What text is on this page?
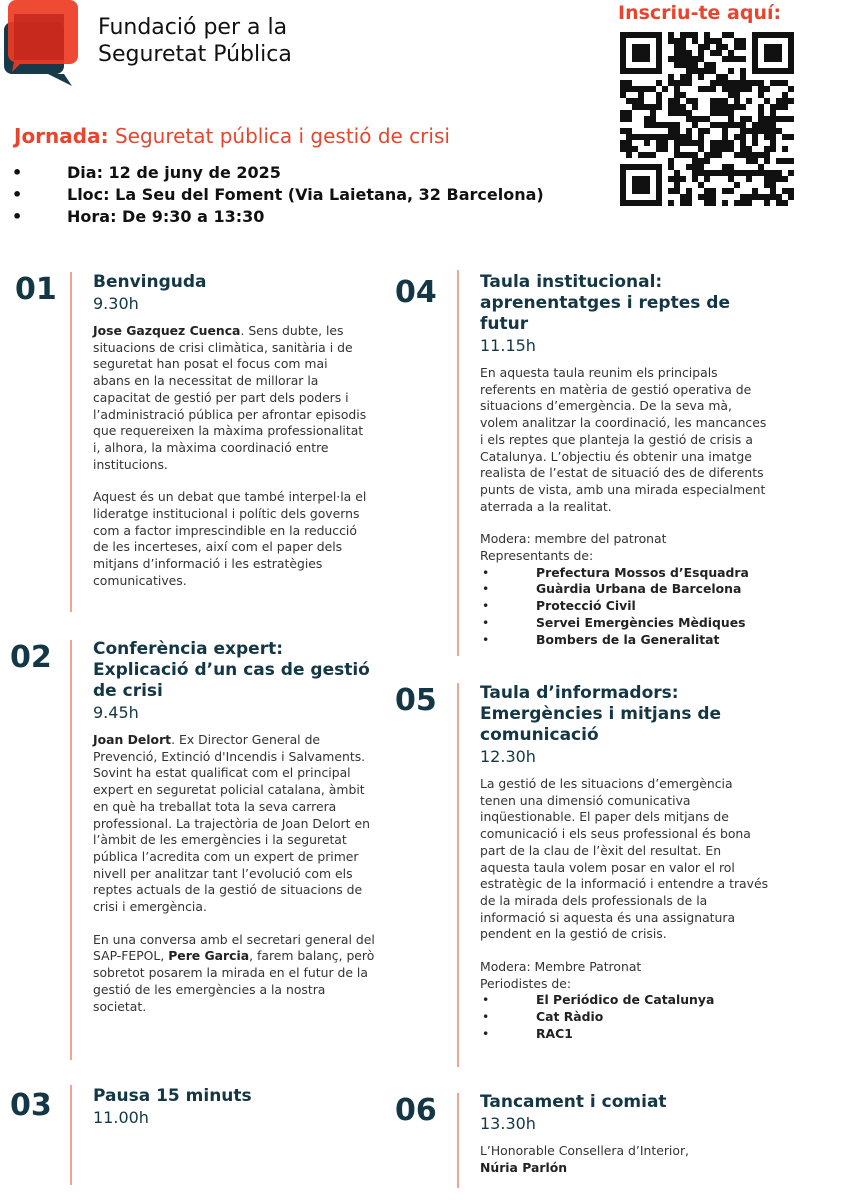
Fundació per a la
Seguretat Pública
Inscriu-te aquí:
Jornada: Seguretat pública i gestió de crisi
• Dia: 12 de juny de 2025
• Lloc: La Seu del Foment (Via Laietana, 32 Barcelona)
• Hora: De 9:30 a 13:30
01 Benvinguda
9.30h

Jose Gazquez Cuenca. Sens dubte, les situacions de crisi climàtica, sanitària i de seguretat han posat el focus com mai abans en la necessitat de millorar la capacitat de gestió per part dels poders i l’administració pública per afrontar episodis que requereixen la màxima professionalitat i, alhora, la màxima coordinació entre institucions.

Aquest és un debat que també interpel·la el lideratge institucional i polític dels governs com a factor imprescindible en la reducció de les incerteses, així com el paper dels mitjans d’informació i les estratègies comunicatives.

02 Conferència expert: Explicació d’un cas de gestió de crisi
9.45h

Joan Delort. Ex Director General de Prevenció, Extinció d'Incendis i Salvaments. Sovint ha estat qualificat com el principal expert en seguretat policial catalana, àmbit en què ha treballat tota la seva carrera professional. La trajectòria de Joan Delort en l’àmbit de les emergències i la seguretat pública l’acredita com un expert de primer nivell per analitzar tant l’evolució com els reptes actuals de la gestió de situacions de crisi i emergència.

En una conversa amb el secretari general del SAP-FEPOL, Pere Garcia, farem balanç, però sobretot posarem la mirada en el futur de la gestió de les emergències a la nostra societat.

03 Pausa 15 minuts
11.00h
04	Taula institucional: aprenentatges i reptes de futur
11.15h

En aquesta taula reunim els principals referents en matèria de gestió operativa de situacions d’emergència. De la seva mà, volem analitzar la coordinació, les mancances i els reptes que planteja la gestió de crisis a Catalunya. L’objectiu és obtenir una imatge realista de l’estat de situació des de diferents punts de vista, amb una mirada especialment aterrada a la realitat.

Modera: membre del patronat
Representants de:
• Prefectura Mossos d’Esquadra
• Guàrdia Urbana de Barcelona
• Protecció Civil
• Servei Emergències Mèdiques
• Bombers de la Generalitat
05	Taula d’informadors: Emergències i mitjans de comunicació
12.30h

La gestió de les situacions d’emergència tenen una dimensió comunicativa inqüestionable. El paper dels mitjans de comunicació i els seus professional és bona part de la clau de l’èxit del resultat. En aquesta taula volem posar en valor el rol estratègic de la informació i entendre a través de la mirada dels professionals de la informació si aquesta és una assignatura pendent en la gestió de crisis.

Modera: Membre Patronat
Periodistes de:
• El Periódico de Catalunya
• Cat Ràdio
• RAC1
06	Tancament i comiat
13.30h
L’Honorable Consellera d’Interior,
Núria Parlón
